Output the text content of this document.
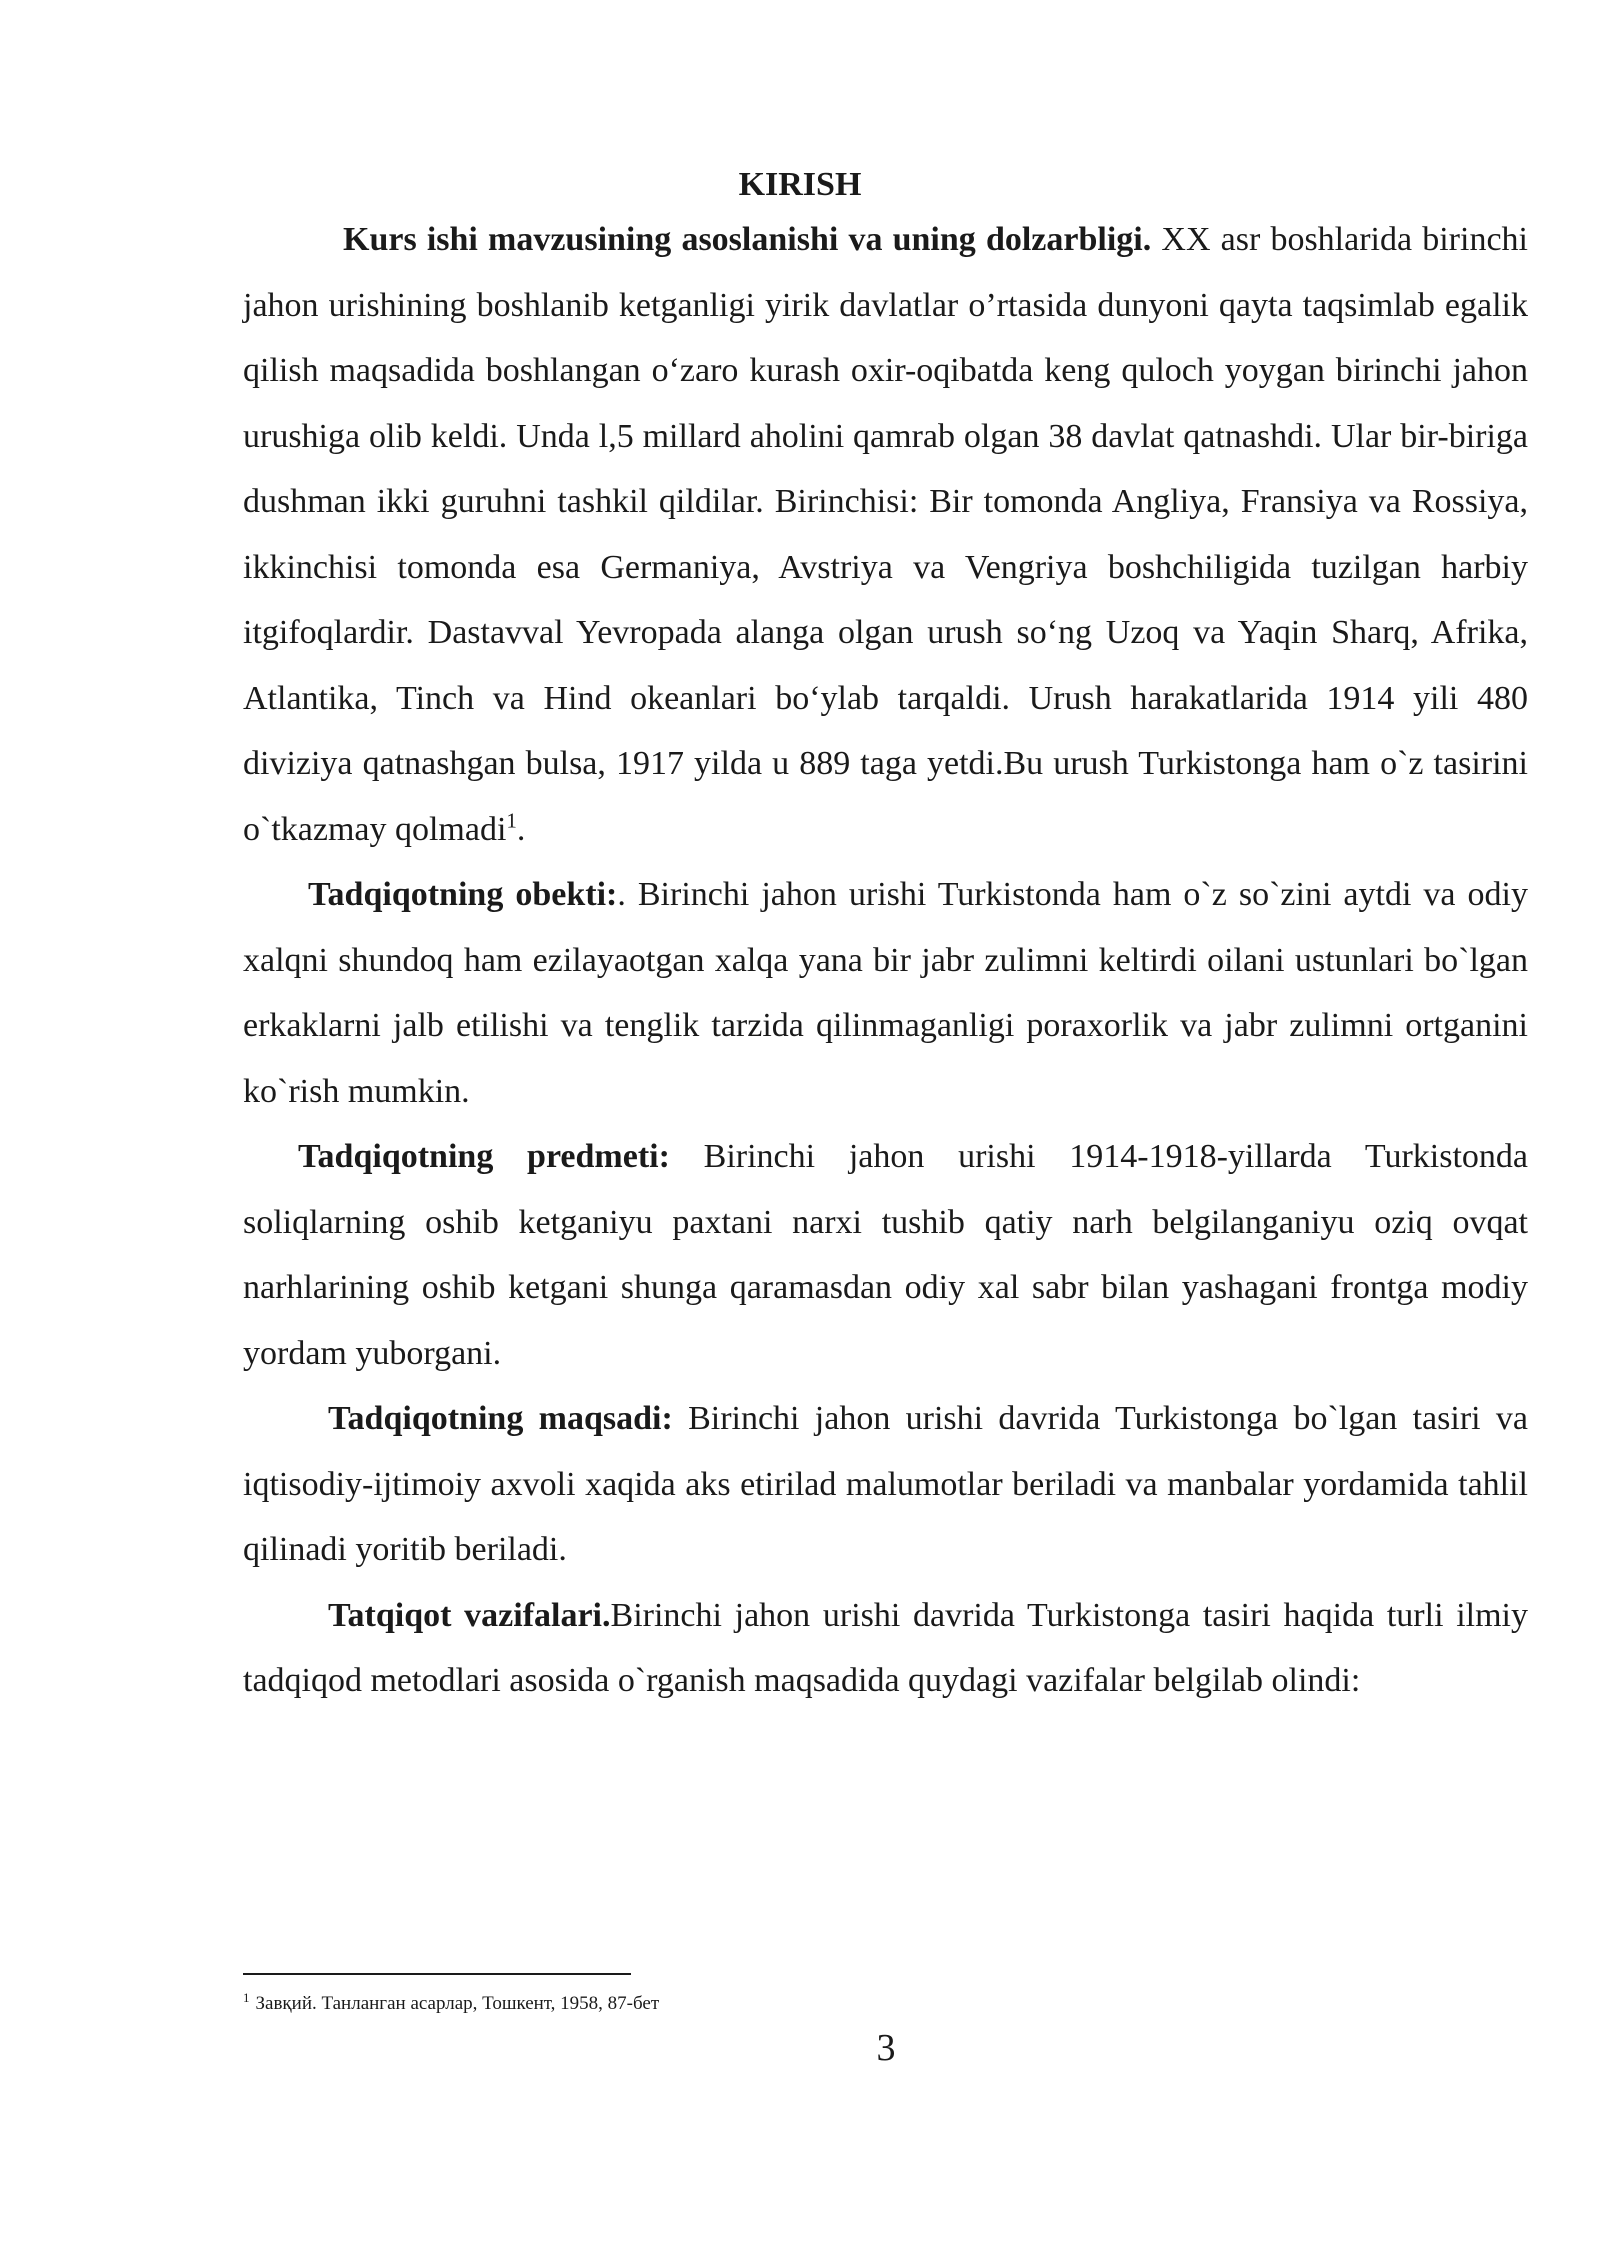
KIRISH

Kurs ishi mavzusining asoslanishi va uning dolzarbligi. XX asr boshlarida birinchi jahon urishining boshlanib ketganligi yirik davlatlar o’rtasida dunyoni qayta taqsimlab egalik qilish maqsadida boshlangan o‘zaro kurash oxir-oqibatda keng quloch yoygan birinchi jahon urushiga olib keldi. Unda l,5 millard aholini qamrab olgan 38 davlat qatnashdi. Ular bir-biriga dushman ikki guruhni tashkil qildilar. Birinchisi: Bir tomonda Angliya, Fransiya va Rossiya, ikkinchisi tomonda esa Germaniya, Avstriya va Vengriya boshchiligida tuzilgan harbiy itgifoqlardir. Dastavval Yevropada alanga olgan urush so‘ng Uzoq va Yaqin Sharq, Afrika, Atlantika, Tinch va Hind okeanlari bo‘ylab tarqaldi. Urush harakatlarida 1914 yili 480 diviziya qatnashgan bulsa, 1917 yilda u 889 taga yetdi.Bu urush Turkistonga ham o`z tasirini o`tkazmay qolmadi$^1$.

Tadqiqotning obekti:. Birinchi jahon urishi Turkistonda ham o`z so`zini aytdi va odiy xalqni shundoq ham ezilayaotgan xalqa yana bir jabr zulimni keltirdi oilani ustunlari bo`lgan erkaklarni jalb etilishi va tenglik tarzida qilinmaganligi poraxorlik va jabr zulimni ortganini ko`rish mumkin.

Tadqiqotning predmeti: Birinchi jahon urishi 1914-1918-yillarda Turkistonda soliqlarning oshib ketganiyu paxtani narxi tushib qatiy narh belgilanganiyu oziq ovqat narhlarining oshib ketgani shunga qaramasdan odiy xal sabr bilan yashagani frontga modiy yordam yuborgani.

Tadqiqotning maqsadi: Birinchi jahon urishi davrida Turkistonga bo`lgan tasiri va iqtisodiy-ijtimoiy axvoli xaqida aks etirilad malumotlar beriladi va manbalar yordamida tahlil qilinadi yoritib beriladi.

Tatqiqot vazifalari.Birinchi jahon urishi davrida Turkistonga tasiri haqida turli ilmiy tadqiqod metodlari asosida o`rganish maqsadida quydagi vazifalar belgilab olindi:

$^1$ Завқий. Танланган асарлар, Тошкент, 1958, 87-бет
3
